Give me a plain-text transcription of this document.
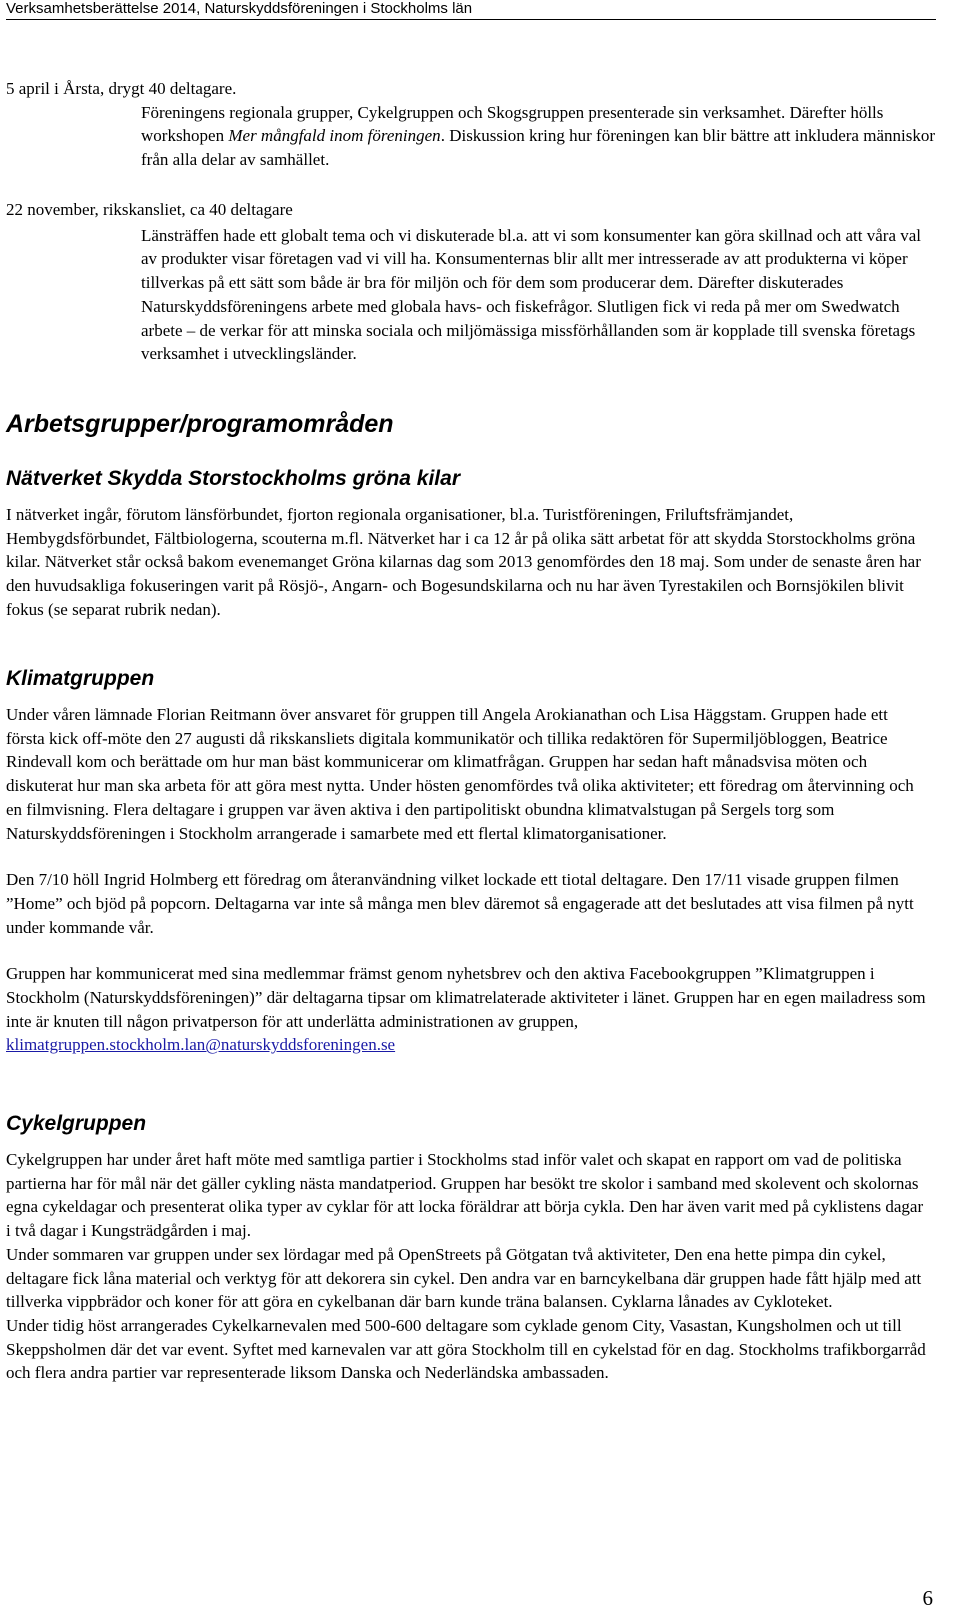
Verksamhetsberättelse 2014, Naturskyddsföreningen i Stockholms län

5 april i Årsta, drygt 40 deltagare.

Föreningens regionala grupper, Cykelgruppen och Skogsgruppen presenterade sin verksamhet. Därefter hölls workshopen Mer mångfald inom föreningen. Diskussion kring hur föreningen kan blir bättre att inkludera människor från alla delar av samhället.

22 november, rikskansliet, ca 40 deltagare

Länsträffen hade ett globalt tema och vi diskuterade bl.a. att vi som konsumenter kan göra skillnad och att våra val av produkter visar företagen vad vi vill ha. Konsumenternas blir allt mer intresserade av att produkterna vi köper tillverkas på ett sätt som både är bra för miljön och för dem som producerar dem. Därefter diskuterades Naturskyddsföreningens arbete med globala havs- och fiskefrågor. Slutligen fick vi reda på mer om Swedwatch arbete – de verkar för att minska sociala och miljömässiga missförhållanden som är kopplade till svenska företags verksamhet i utvecklingsländer.

Arbetsgrupper/programområden
Nätverket Skydda Storstockholms gröna kilar

I nätverket ingår, förutom länsförbundet, fjorton regionala organisationer, bl.a. Turistföreningen, Friluftsfrämjandet, Hembygdsförbundet, Fältbiologerna, scouterna m.fl. Nätverket har i ca 12 år på olika sätt arbetat för att skydda Storstockholms gröna kilar. Nätverket står också bakom evenemanget Gröna kilarnas dag som 2013 genomfördes den 18 maj. Som under de senaste åren har den huvudsakliga fokuseringen varit på Rösjö-, Angarn- och Bogesundskilarna och nu har även Tyrestakilen och Bornsjökilen blivit fokus (se separat rubrik nedan).

Klimatgruppen

Under våren lämnade Florian Reitmann över ansvaret för gruppen till Angela Arokianathan och Lisa Häggstam. Gruppen hade ett första kick off-möte den 27 augusti då rikskansliets digitala kommunikatör och tillika redaktören för Supermiljöbloggen, Beatrice Rindevall kom och berättade om hur man bäst kommunicerar om klimatfrågan. Gruppen har sedan haft månadsvisa möten och diskuterat hur man ska arbeta för att göra mest nytta. Under hösten genomfördes två olika aktiviteter; ett föredrag om återvinning och en filmvisning. Flera deltagare i gruppen var även aktiva i den partipolitiskt obundna klimatvalstugan på Sergels torg som Naturskyddsföreningen i Stockholm arrangerade i samarbete med ett flertal klimatorganisationer.

Den 7/10 höll Ingrid Holmberg ett föredrag om återanvändning vilket lockade ett tiotal deltagare. Den 17/11 visade gruppen filmen ”Home” och bjöd på popcorn. Deltagarna var inte så många men blev däremot så engagerade att det beslutades att visa filmen på nytt under kommande vår.

Gruppen har kommunicerat med sina medlemmar främst genom nyhetsbrev och den aktiva Facebookgruppen ”Klimatgruppen i Stockholm (Naturskyddsföreningen)” där deltagarna tipsar om klimatrelaterade aktiviteter i länet. Gruppen har en egen mailadress som inte är knuten till någon privatperson för att underlätta administrationen av gruppen, klimatgruppen.stockholm.lan@naturskyddsforeningen.se

Cykelgruppen

Cykelgruppen har under året haft möte med samtliga partier i Stockholms stad inför valet och skapat en rapport om vad de politiska partierna har för mål när det gäller cykling nästa mandatperiod. Gruppen har besökt tre skolor i samband med skolevent och skolornas egna cykeldagar och presenterat olika typer av cyklar för att locka föräldrar att börja cykla. Den har även varit med på cyklistens dagar i två dagar i Kungsträdgården i maj.

Under sommaren var gruppen under sex lördagar med på OpenStreets på Götgatan två aktiviteter, Den ena hette pimpa din cykel, deltagare fick låna material och verktyg för att dekorera sin cykel. Den andra var en barncykelbana där gruppen hade fått hjälp med att tillverka vippbrädor och koner för att göra en cykelbanan där barn kunde träna balansen. Cyklarna lånades av Cykloteket.

Under tidig höst arrangerades Cykelkarnevalen med 500-600 deltagare som cyklade genom City, Vasastan, Kungsholmen och ut till Skeppsholmen där det var event. Syftet med karnevalen var att göra Stockholm till en cykelstad för en dag. Stockholms trafikborgarråd och flera andra partier var representerade liksom Danska och Nederländska ambassaden.

6
